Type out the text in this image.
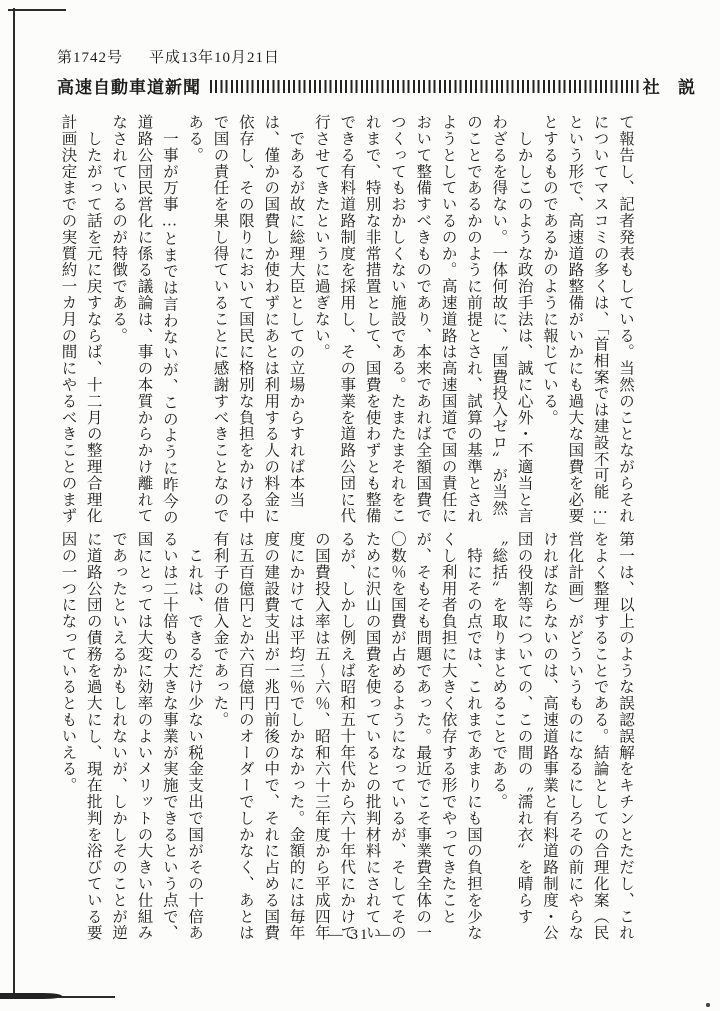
第1742号 平成13年10月21日
高速自動車道新聞	社 説
て報告し、記者発表もしている。当然のことながらそれ
についてマスコミの多くは、「首相案では建設不可能…」
という形で、高速道路整備がいかにも過大な国費を必要
とするものであるかのように報じている。
　しかしこのような政治手法は、誠に心外・不適当と言
わざるを得ない。一体何故に、〝国費投入ゼロ〟が当然
のことであるかのように前提とされ、試算の基準とされ
ようとしているのか。高速道路は高速国道で国の責任に
おいて整備すべきものであり、本来であれば全額国費で
つくってもおかしくない施設である。たまたまそれをこ
れまで、特別な非常措置として、国費を使わずとも整備
できる有料道路制度を採用し、その事業を道路公団に代
行させてきたというに過ぎない。
　であるが故に総理大臣としての立場からすれば本当
は、僅かの国費しか使わずにあとは利用する人の料金に
依存し、その限りにおいて国民に格別な負担をかける中
で国の責任を果し得ていることに感謝すべきことなので
ある。
　一事が万事…とまでは言わないが、このように昨今の
道路公団民営化に係る議論は、事の本質からかけ離れて
なされているのが特徴である。
　したがって話を元に戻すならば、十二月の整理合理化
計画決定までの実質約一カ月の間にやるべきことのまず
第一は、以上のような誤認誤解をキチンとただし、これ
をよく整理することである。結論としての合理化案（民
営化計画）がどういうものになるにしろその前にやらな
ければならないのは、高速道路事業と有料道路制度・公
団の役割等についての、この間の〝濡れ衣〟を晴らす
〝総括〟を取りまとめることである。
　特にその点では、これまであまりにも国の負担を少な
くし利用者負担に大きく依存する形でやってきたこと
が、そもそも問題であった。最近でこそ事業費全体の一
〇数％を国費が占めるようになっているが、そしてその
ために沢山の国費を使っているとの批判材料にされてい
るが、しかし例えば昭和五十年代から六十年代にかけて
の国費投入率は五～六％、昭和六十三年度から平成四年
度にかけては平均三％でしかなかった。金額的には毎年
度の建設費支出が一兆円前後の中で、それに占める国費
は五百億円とか六百億円のオーダーでしかなく、あとは
有利子の借入金であった。
　これは、できるだけ少ない税金支出で国がその十倍あ
るいは二十倍もの大きな事業が実施できるという点で、
国にとっては大変に効率のよいメリットの大きい仕組み
であったといえるかもしれないが、しかしそのことが逆
に道路公団の債務を過大にし、現在批判を浴びている要
因の一つになっているともいえる。
— 31 —
